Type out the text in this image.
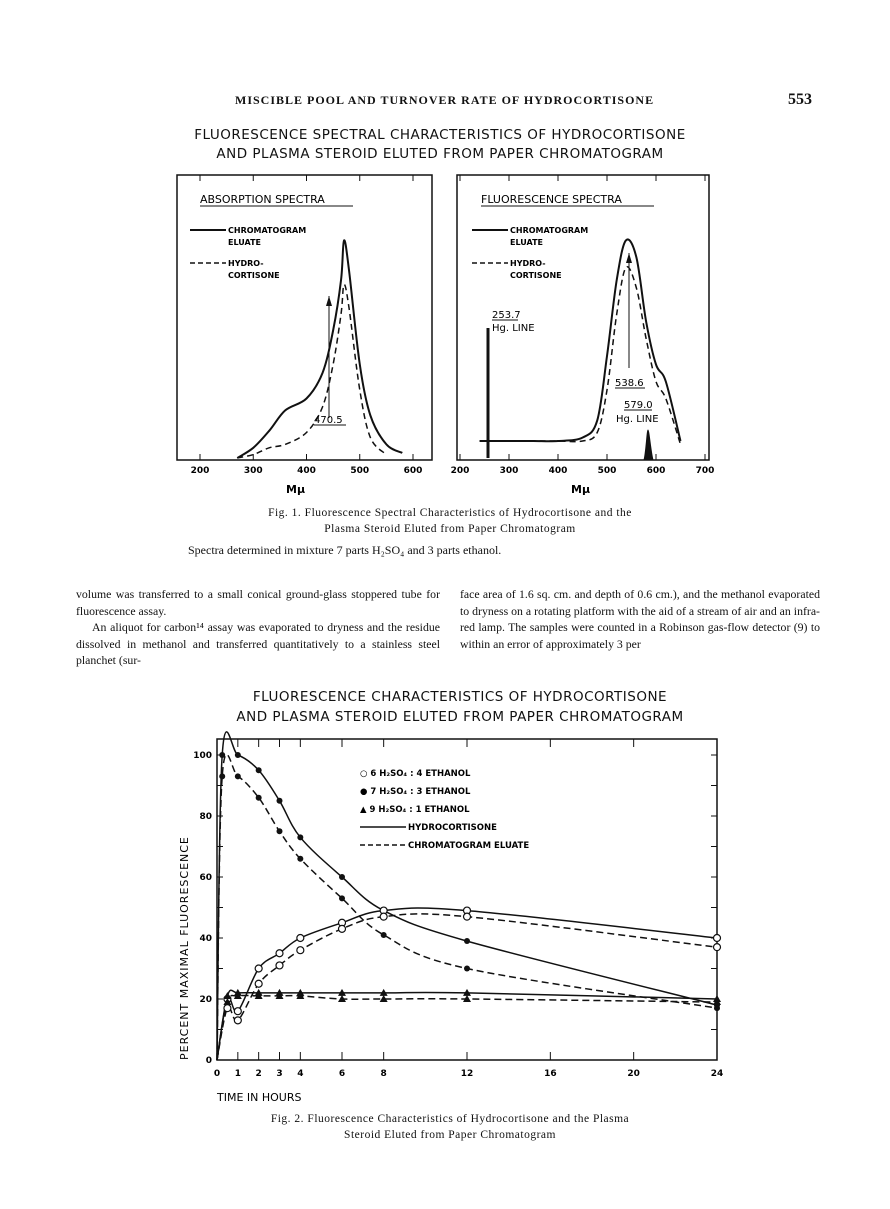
MISCIBLE POOL AND TURNOVER RATE OF HYDROCORTISONE	553
FLUORESCENCE SPECTRAL CHARACTERISTICS OF HYDROCORTISONE
AND PLASMA STEROID ELUTED FROM PAPER CHROMATOGRAM
ABSORPTION SPECTRA
CHROMATOGRAM
ELUATE
HYDRO-
CORTISONE
470.5
200	300	400	500	600
Mμ
FLUORESCENCE SPECTRA
CHROMATOGRAM
ELUATE
HYDRO-
CORTISONE
253.7
Hg. LINE
579.0
Hg. LINE
538.6
200	300	400	500	600	700
Mμ
Fig. 1. Fluorescence Spectral Characteristics of Hydrocortisone and the
Plasma Steroid Eluted from Paper Chromatogram
Spectra determined in mixture 7 parts H₂SO₄ and 3 parts ethanol.
volume was transferred to a small conical ground-glass stoppered tube for fluorescence assay.
An aliquot for carbon¹⁴ assay was evaporated to dryness and the residue dissolved in methanol and transferred quantitatively to a stainless steel planchet (sur-
face area of 1.6 sq. cm. and depth of 0.6 cm.), and the methanol evaporated to dryness on a rotating platform with the aid of a stream of air and an infra-red lamp. The samples were counted in a Robinson gas-flow detector (9) to within an error of approximately 3 per
FLUORESCENCE CHARACTERISTICS OF HYDROCORTISONE
AND PLASMA STEROID ELUTED FROM PAPER CHROMATOGRAM
PERCENT MAXIMAL FLUORESCENCE
0 1 2 3 4	6	8	12	16	20	24
0
20
40
60
80
100
○ 6 H₂SO₄ : 4 ETHANOL
● 7 H₂SO₄ : 3 ETHANOL
▲ 9 H₂SO₄ : 1 ETHANOL
HYDROCORTISONE
CHROMATOGRAM ELUATE
TIME IN HOURS
Fig. 2. Fluorescence Characteristics of Hydrocortisone and the Plasma
Steroid Eluted from Paper Chromatogram
